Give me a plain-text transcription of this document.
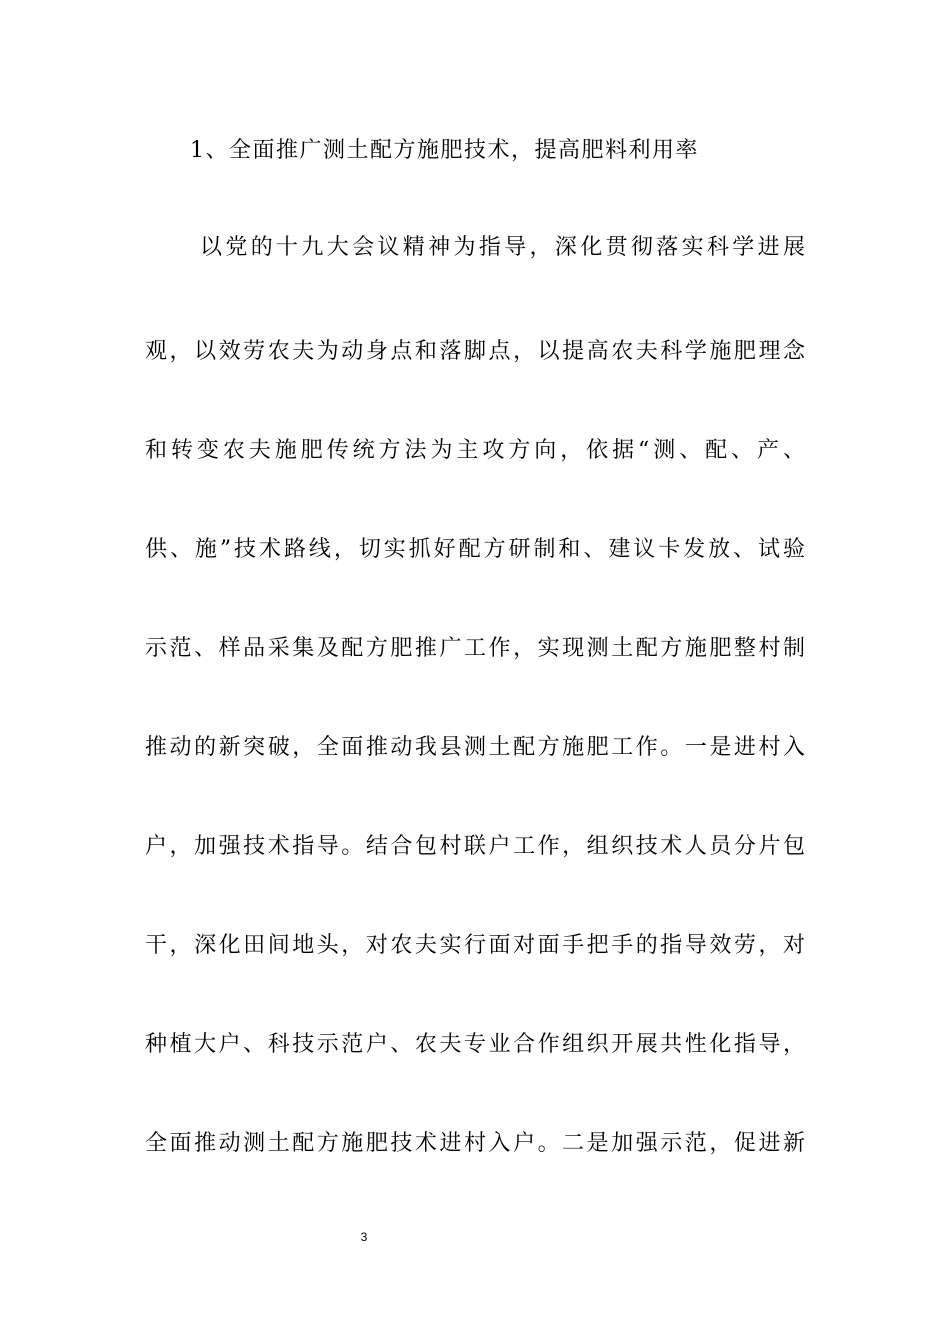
1、全面推广测土配方施肥技术，提高肥料利用率
以党的十九大会议精神为指导，深化贯彻落实科学进展
观，以效劳农夫为动身点和落脚点，以提高农夫科学施肥理念
和转变农夫施肥传统方法为主攻方向，依据“测、配、产、
供、施”技术路线，切实抓好配方研制和、建议卡发放、试验
示范、样品采集及配方肥推广工作，实现测土配方施肥整村制
推动的新突破，全面推动我县测土配方施肥工作。一是进村入
户，加强技术指导。结合包村联户工作，组织技术人员分片包
干，深化田间地头，对农夫实行面对面手把手的指导效劳，对
种植大户、科技示范户、农夫专业合作组织开展共性化指导，
全面推动测土配方施肥技术进村入户。二是加强示范，促进新
3
